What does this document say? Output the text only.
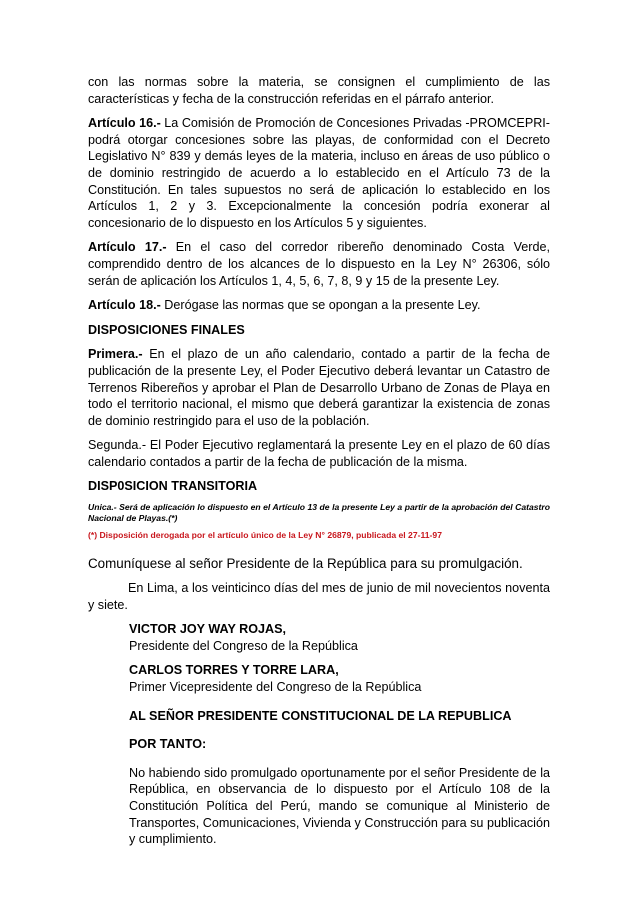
con las normas sobre la materia, se consignen el cumplimiento de las características y fecha de la construcción referidas en el párrafo anterior.

Artículo 16.- La Comisión de Promoción de Concesiones Privadas -PROMCEPRI- podrá otorgar concesiones sobre las playas, de conformidad con el Decreto Legislativo N° 839 y demás leyes de la materia, incluso en áreas de uso público o de dominio restringido de acuerdo a lo establecido en el Artículo 73 de la Constitución. En tales supuestos no será de aplicación lo establecido en los Artículos 1, 2 y 3. Excepcionalmente la concesión podría exonerar al concesionario de lo dispuesto en los Artículos 5 y siguientes.

Artículo 17.- En el caso del corredor ribereño denominado Costa Verde, comprendido dentro de los alcances de lo dispuesto en la Ley N° 26306, sólo serán de aplicación los Artículos 1, 4, 5, 6, 7, 8, 9 y 15 de la presente Ley.

Artículo 18.- Derógase las normas que se opongan a la presente Ley.

DISPOSICIONES FINALES

Primera.- En el plazo de un año calendario, contado a partir de la fecha de publicación de la presente Ley, el Poder Ejecutivo deberá levantar un Catastro de Terrenos Ribereños y aprobar el Plan de Desarrollo Urbano de Zonas de Playa en todo el territorio nacional, el mismo que deberá garantizar la existencia de zonas de dominio restringido para el uso de la población.

Segunda.- El Poder Ejecutivo reglamentará la presente Ley en el plazo de 60 días calendario contados a partir de la fecha de publicación de la misma.

DISP0SICION TRANSITORIA

Unica.- Será de aplicación lo dispuesto en el Artículo 13 de la presente Ley a partir de la aprobación del Catastro Nacional de Playas.(*)

(*) Disposición derogada por el artículo único de la Ley N° 26879, publicada el 27-11-97

Comuníquese al señor Presidente de la República para su promulgación.

En Lima, a los veinticinco días del mes de junio de mil novecientos noventa y siete.

VICTOR JOY WAY ROJAS,

Presidente del Congreso de la República

CARLOS TORRES Y TORRE LARA,

Primer Vicepresidente del Congreso de la República

AL SEÑOR PRESIDENTE CONSTITUCIONAL DE LA REPUBLICA

POR TANTO:

No habiendo sido promulgado oportunamente por el señor Presidente de la República, en observancia de lo dispuesto por el Artículo 108 de la Constitución Política del Perú, mando se comunique al Ministerio de Transportes, Comunicaciones, Vivienda y Construcción para su publicación y cumplimiento.
